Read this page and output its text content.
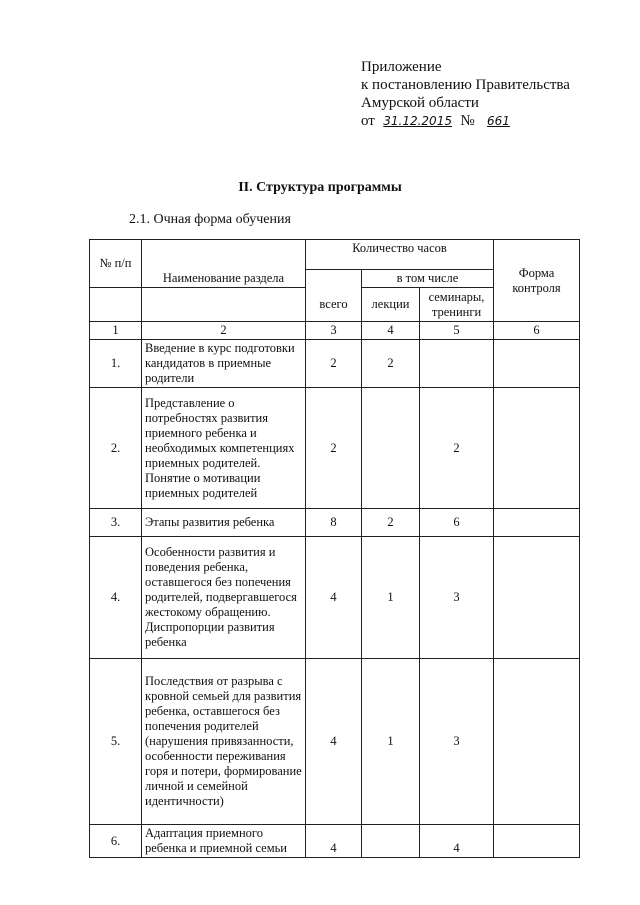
Приложение
к постановлению Правительства
Амурской области
от 31.12.2015 № 661
II. Структура программы
2.1. Очная форма обучения
№ п/п	Наименование раздела	Количество часов			Форма контроля
			в том числе		
		всего	лекции	семинары, тренинги	
1	2	3	4	5	6
1.	Введение в курс подготовки кандидатов в приемные родители	2	2		
2.	Представление о потребностях развития приемного ребенка и необходимых компетенциях приемных родителей. Понятие о мотивации приемных родителей	2		2	
3.	Этапы развития ребенка	8	2	6	
4.	Особенности развития и поведения ребенка, оставшегося без попечения родителей, подвергавшегося жестокому обращению. Диспропорции развития ребенка	4	1	3	
5.	Последствия от разрыва с кровной семьей для развития ребенка, оставшегося без попечения родителей (нарушения привязанности, особенности переживания горя и потери, формирование личной и семейной идентичности)	4	1	3	
6.	Адаптация приемного ребенка и приемной семьи	4		4	
